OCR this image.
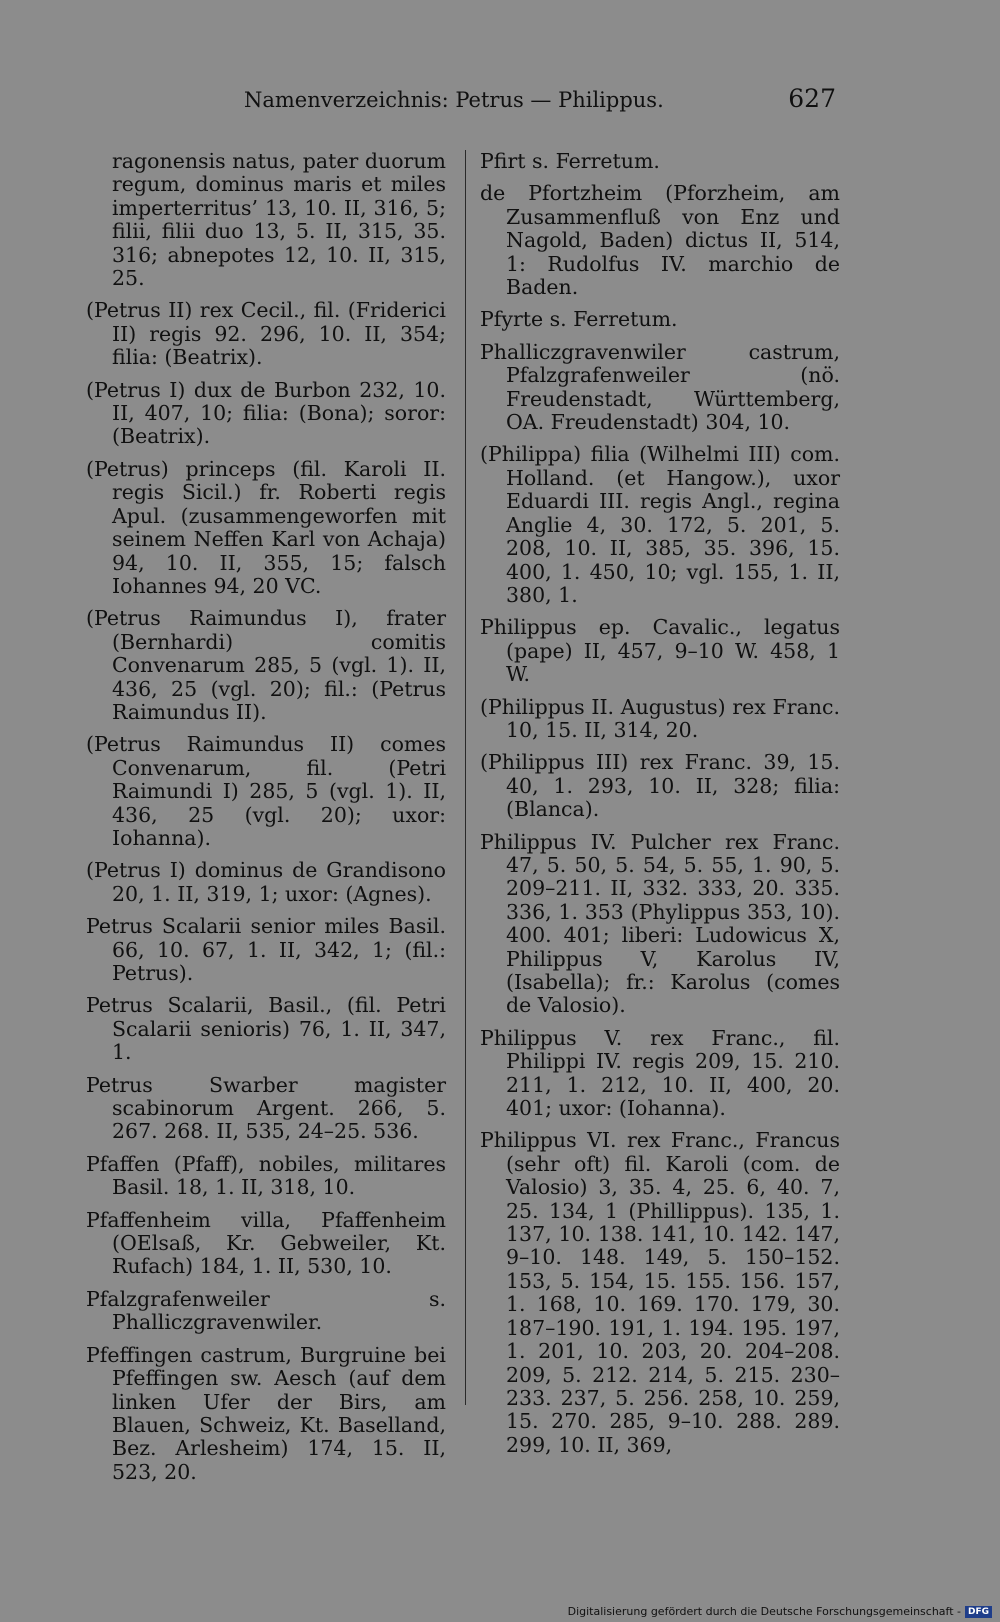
Namenverzeichnis: Petrus — Philippus.	627

ragonensis natus, pater duorum regum, dominus maris et miles imperterritus’ 13, 10. II, 316, 5; filii, filii duo 13, 5. II, 315, 35. 316; abnepotes 12, 10. II, 315, 25.

(Petrus II) rex Cecil., fil. (Friderici II) regis 92. 296, 10. II, 354; filia: (Beatrix).

(Petrus I) dux de Burbon 232, 10. II, 407, 10; filia: (Bona); soror: (Beatrix).

(Petrus) princeps (fil. Karoli II. regis Sicil.) fr. Roberti regis Apul. (zusammengeworfen mit seinem Neffen Karl von Achaja) 94, 10. II, 355, 15; falsch Iohannes 94, 20 VC.

(Petrus Raimundus I), frater (Bernhardi) comitis Convenarum 285, 5 (vgl. 1). II, 436, 25 (vgl. 20); fil.: (Petrus Raimundus II).

(Petrus Raimundus II) comes Convenarum, fil. (Petri Raimundi I) 285, 5 (vgl. 1). II, 436, 25 (vgl. 20); uxor: Iohanna).

(Petrus I) dominus de Grandisono 20, 1. II, 319, 1; uxor: (Agnes).

Petrus Scalarii senior miles Basil. 66, 10. 67, 1. II, 342, 1; (fil.: Petrus).

Petrus Scalarii, Basil., (fil. Petri Scalarii senioris) 76, 1. II, 347, 1.

Petrus Swarber magister scabinorum Argent. 266, 5. 267. 268. II, 535, 24–25. 536.

Pfaffen (Pfaff), nobiles, militares Basil. 18, 1. II, 318, 10.

Pfaffenheim villa, Pfaffenheim (OElsaß, Kr. Gebweiler, Kt. Rufach) 184, 1. II, 530, 10.

Pfalzgrafenweiler s. Phalliczgravenwiler.

Pfeffingen castrum, Burgruine bei Pfeffingen sw. Aesch (auf dem linken Ufer der Birs, am Blauen, Schweiz, Kt. Baselland, Bez. Arlesheim) 174, 15. II, 523, 20.

Pfirt s. Ferretum.

de Pfortzheim (Pforzheim, am Zusammenfluß von Enz und Nagold, Baden) dictus II, 514, 1: Rudolfus IV. marchio de Baden.

Pfyrte s. Ferretum.

Phalliczgravenwiler castrum, Pfalzgrafenweiler (nö. Freudenstadt, Württemberg, OA. Freudenstadt) 304, 10.

(Philippa) filia (Wilhelmi III) com. Holland. (et Hangow.), uxor Eduardi III. regis Angl., regina Anglie 4, 30. 172, 5. 201, 5. 208, 10. II, 385, 35. 396, 15. 400, 1. 450, 10; vgl. 155, 1. II, 380, 1.

Philippus ep. Cavalic., legatus (pape) II, 457, 9–10 W. 458, 1 W.

(Philippus II. Augustus) rex Franc. 10, 15. II, 314, 20.

(Philippus III) rex Franc. 39, 15. 40, 1. 293, 10. II, 328; filia: (Blanca).

Philippus IV. Pulcher rex Franc. 47, 5. 50, 5. 54, 5. 55, 1. 90, 5. 209–211. II, 332. 333, 20. 335. 336, 1. 353 (Phylippus 353, 10). 400. 401; liberi: Ludowicus X, Philippus V, Karolus IV, (Isabella); fr.: Karolus (comes de Valosio).

Philippus V. rex Franc., fil. Philippi IV. regis 209, 15. 210. 211, 1. 212, 10. II, 400, 20. 401; uxor: (Iohanna).

Philippus VI. rex Franc., Francus (sehr oft) fil. Karoli (com. de Valosio) 3, 35. 4, 25. 6, 40. 7, 25. 134, 1 (Phillippus). 135, 1. 137, 10. 138. 141, 10. 142. 147, 9–10. 148. 149, 5. 150–152. 153, 5. 154, 15. 155. 156. 157, 1. 168, 10. 169. 170. 179, 30. 187–190. 191, 1. 194. 195. 197, 1. 201, 10. 203, 20. 204–208. 209, 5. 212. 214, 5. 215. 230–233. 237, 5. 256. 258, 10. 259, 15. 270. 285, 9–10. 288. 289. 299, 10. II, 369,

Digitalisierung gefördert durch die Deutsche Forschungsgemeinschaft - DFG
